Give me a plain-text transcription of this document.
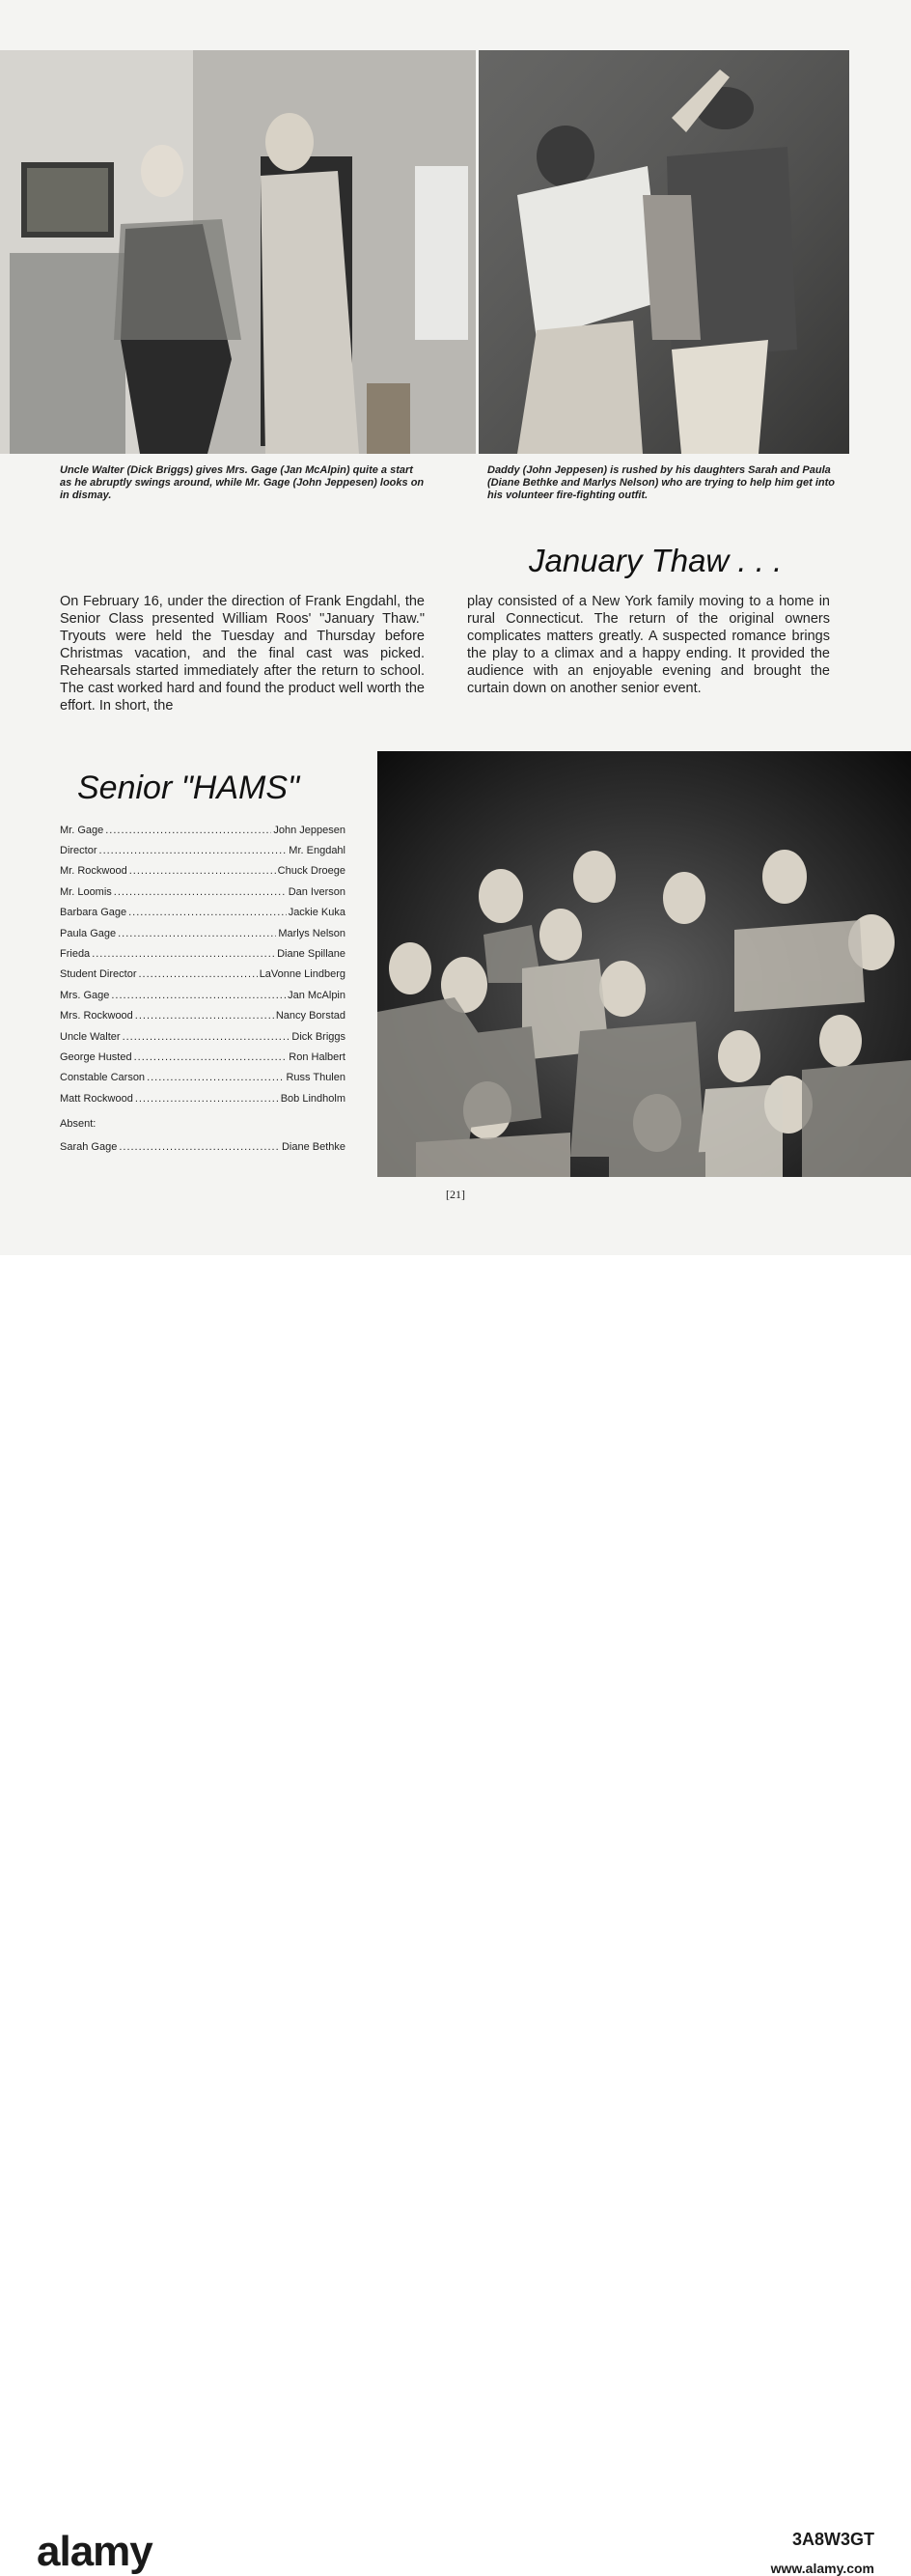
Uncle Walter (Dick Briggs) gives Mrs. Gage (Jan McAlpin) quite a start as he abruptly swings around, while Mr. Gage (John Jeppesen) looks on in dismay.
Daddy (John Jeppesen) is rushed by his daughters Sarah and Paula (Diane Bethke and Marlys Nelson) who are trying to help him get into his volunteer fire-fighting outfit.
January Thaw . . .
On February 16, under the direction of Frank Engdahl, the Senior Class presented William Roos' "January Thaw." Tryouts were held the Tuesday and Thursday before Christmas vacation, and the final cast was picked. Rehearsals started immediately after the return to school. The cast worked hard and found the product well worth the effort. In short, the
play consisted of a New York family moving to a home in rural Connecticut. The return of the original owners complicates matters greatly. A suspected romance brings the play to a climax and a happy ending. It provided the audience with an enjoyable evening and brought the curtain down on another senior event.
Senior "HAMS"
Mr. Gage .....	John Jeppesen
Director .....	Mr. Engdahl
Mr. Rockwood .....	Chuck Droege
Mr. Loomis .....	Dan Iverson
Barbara Gage .....	Jackie Kuka
Paula Gage .....	Marlys Nelson
Frieda .....	Diane Spillane
Student Director .....	LaVonne Lindberg
Mrs. Gage .....	Jan McAlpin
Mrs. Rockwood .....	Nancy Borstad
Uncle Walter .....	Dick Briggs
George Husted .....	Ron Halbert
Constable Carson .....	Russ Thulen
Matt Rockwood .....	Bob Lindholm
Absent:
Sarah Gage .....	Diane Bethke
[21]
alamy	3A8W3GT
www.alamy.com
